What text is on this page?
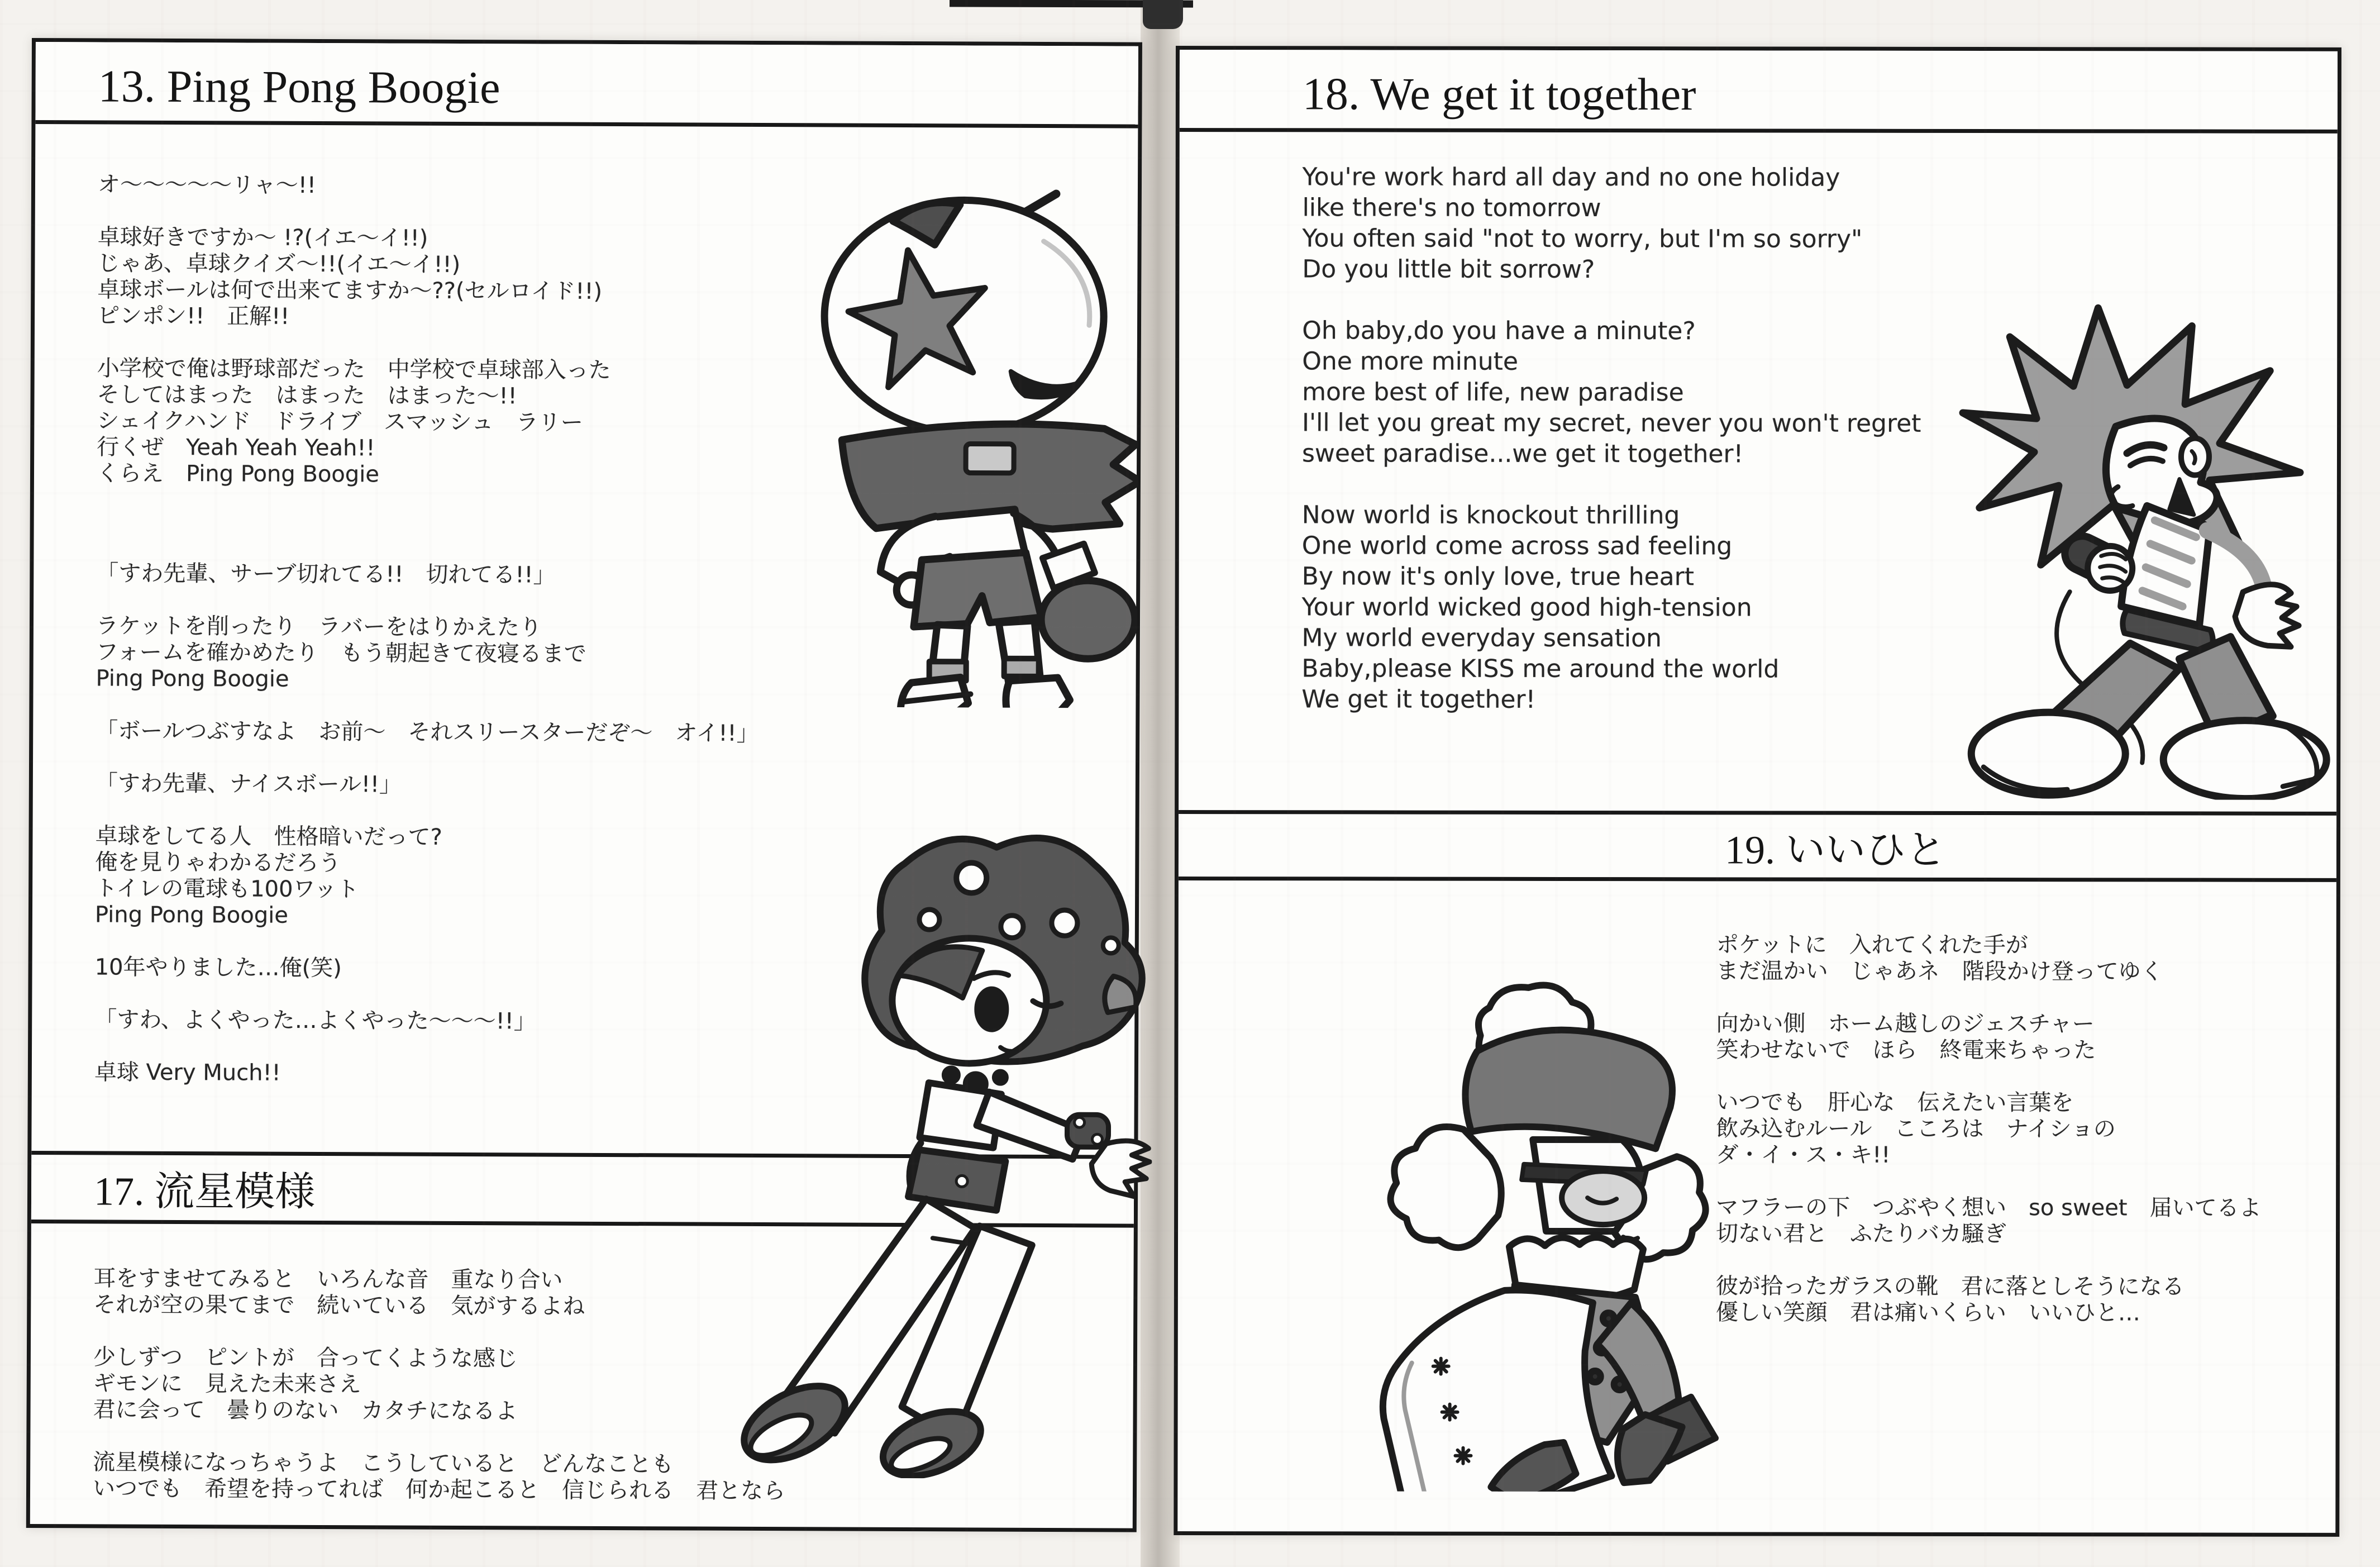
13. Ping Pong Boogie
オ〜〜〜〜〜リャ〜!!
卓球好きですか〜 !?(イエ〜イ!!)
じゃあ、卓球クイズ〜!!(イエ〜イ!!)
卓球ボールは何で出来てますか〜??(セルロイド!!)
ピンポン!!　正解!!
小学校で俺は野球部だった　中学校で卓球部入った
そしてはまった　はまった　はまった〜!!
シェイクハンド　ドライブ　スマッシュ　ラリー
行くぜ　Yeah Yeah Yeah!!
くらえ　Ping Pong Boogie
「すわ先輩、サーブ切れてる!!　切れてる!!」
ラケットを削ったり　ラバーをはりかえたり
フォームを確かめたり　もう朝起きて夜寝るまで
Ping Pong Boogie
「ボールつぶすなよ　お前〜　それスリースターだぞ〜　オイ!!」
「すわ先輩、ナイスボール!!」
卓球をしてる人　性格暗いだって?
俺を見りゃわかるだろう
トイレの電球も100ワット
Ping Pong Boogie
10年やりました…俺(笑)
「すわ、よくやった…よくやった〜〜〜!!」
卓球 Very Much!!
17. 流星模様
耳をすませてみると　いろんな音　重なり合い
それが空の果てまで　続いている　気がするよね
少しずつ　ピントが　合ってくような感じ
ギモンに　見えた未来さえ
君に会って　曇りのない　カタチになるよ
流星模様になっちゃうよ　こうしていると　どんなことも
いつでも　希望を持ってれば　何か起こると　信じられる　君となら
18. We get it together
You're work hard all day and no one holiday
like there's no tomorrow
You often said "not to worry, but I'm so sorry"
Do you little bit sorrow?
Oh baby,do you have a minute?
One more minute
more best of life, new paradise
I'll let you great my secret, never you won't regret
sweet paradise...we get it together!
Now world is knockout thrilling
One world come across sad feeling
By now it's only love, true heart
Your world wicked good high-tension
My world everyday sensation
Baby,please KISS me around the world
We get it together!
19. いいひと
ポケットに　入れてくれた手が
まだ温かい　じゃあネ　階段かけ登ってゆく
向かい側　ホーム越しのジェスチャー
笑わせないで　ほら　終電来ちゃった
いつでも　肝心な　伝えたい言葉を
飲み込むルール　こころは　ナイショの
ダ・イ・ス・キ!!
マフラーの下　つぶやく想い　so sweet　届いてるよ
切ない君と　ふたりバカ騒ぎ
彼が拾ったガラスの靴　君に落としそうになる
優しい笑顔　君は痛いくらい　いいひと…
